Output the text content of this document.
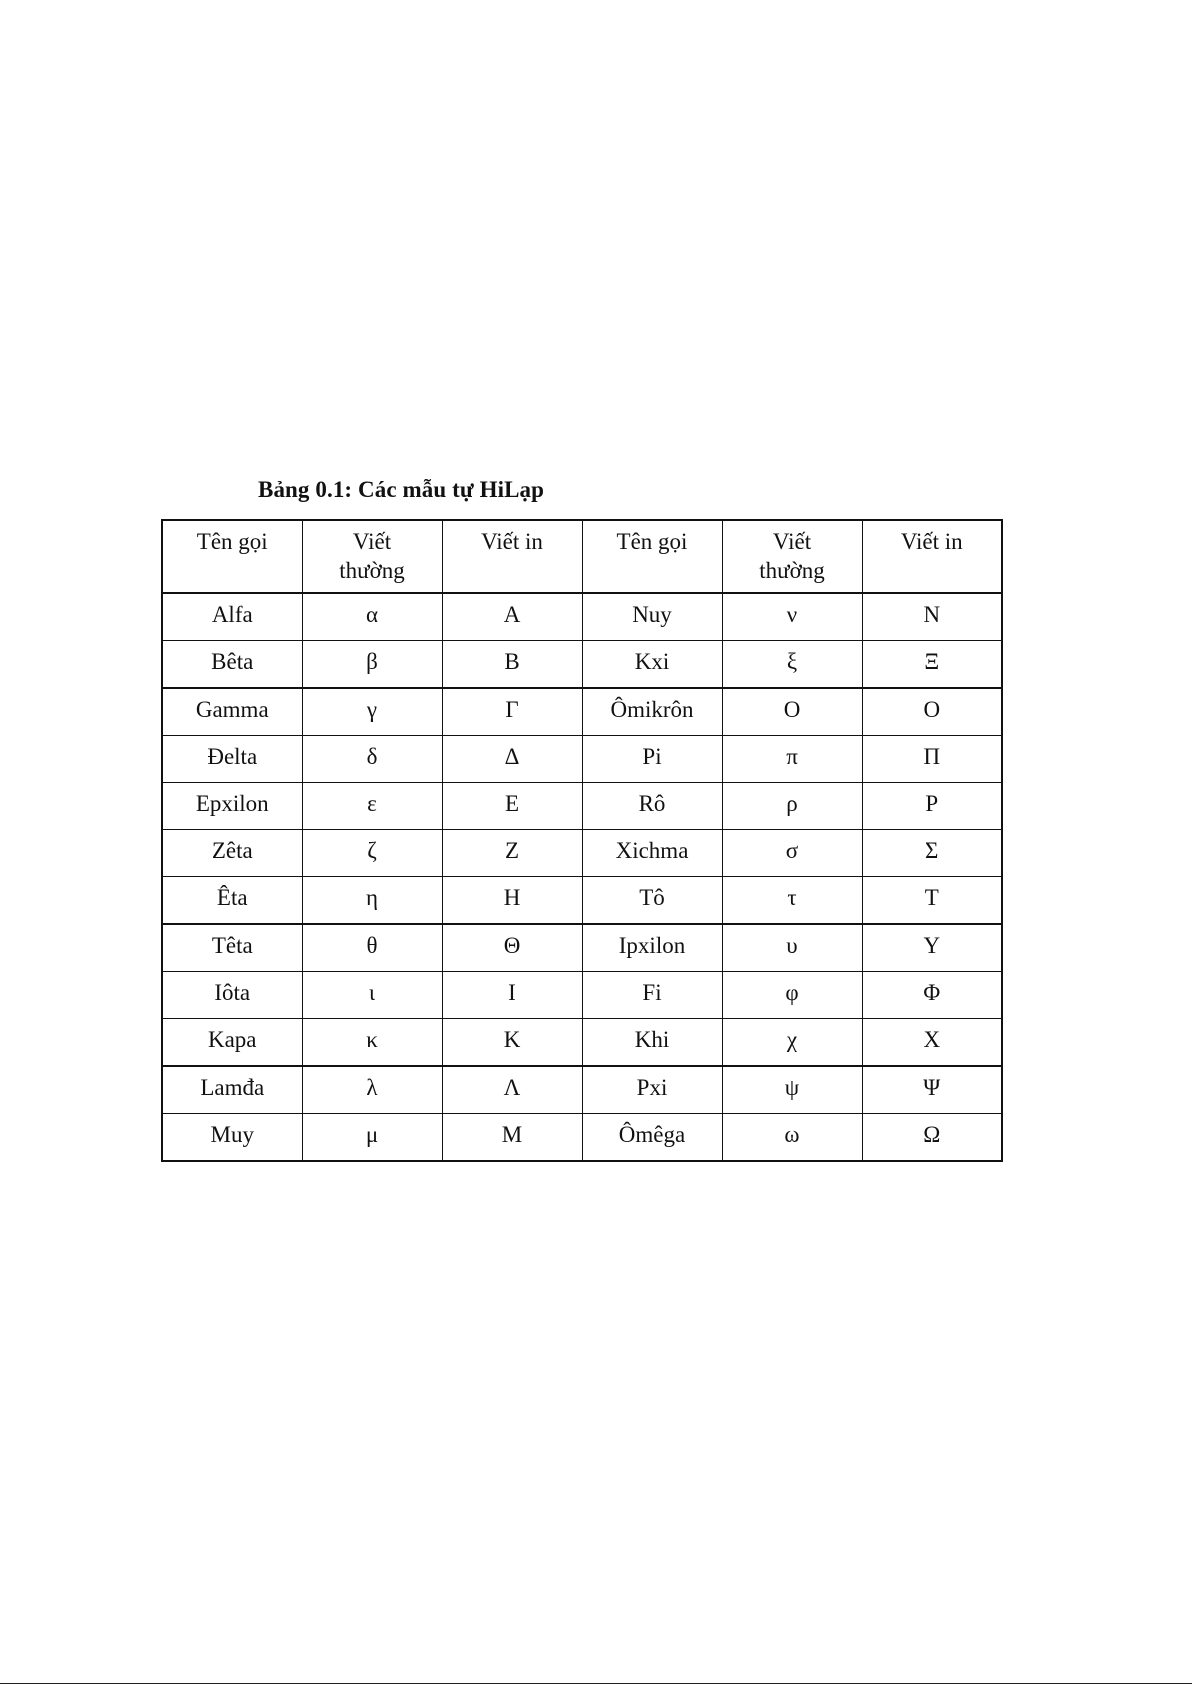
Bảng 0.1: Các mẫu tự HiLạp
Tên gọi	Viết thường	Viết in	Tên gọi	Viết thường	Viết in
Alfa	α	A	Nuy	ν	N
Bêta	β	B	Kxi	ξ	Ξ
Gamma	γ	Γ	Ômikrôn	Ο	Ο
Đelta	δ	Δ	Pi	π	Π
Epxilon	ε	E	Rô	ρ	P
Zêta	ζ	Z	Xichma	σ	Σ
Êta	η	H	Tô	τ	T
Têta	θ	Θ	Ipxilon	υ	Y
Iôta	ι	I	Fi	φ	Φ
Kapa	κ	K	Khi	χ	X
Lamđa	λ	Λ	Pxi	ψ	Ψ
Muy	μ	M	Ômêga	ω	Ω
